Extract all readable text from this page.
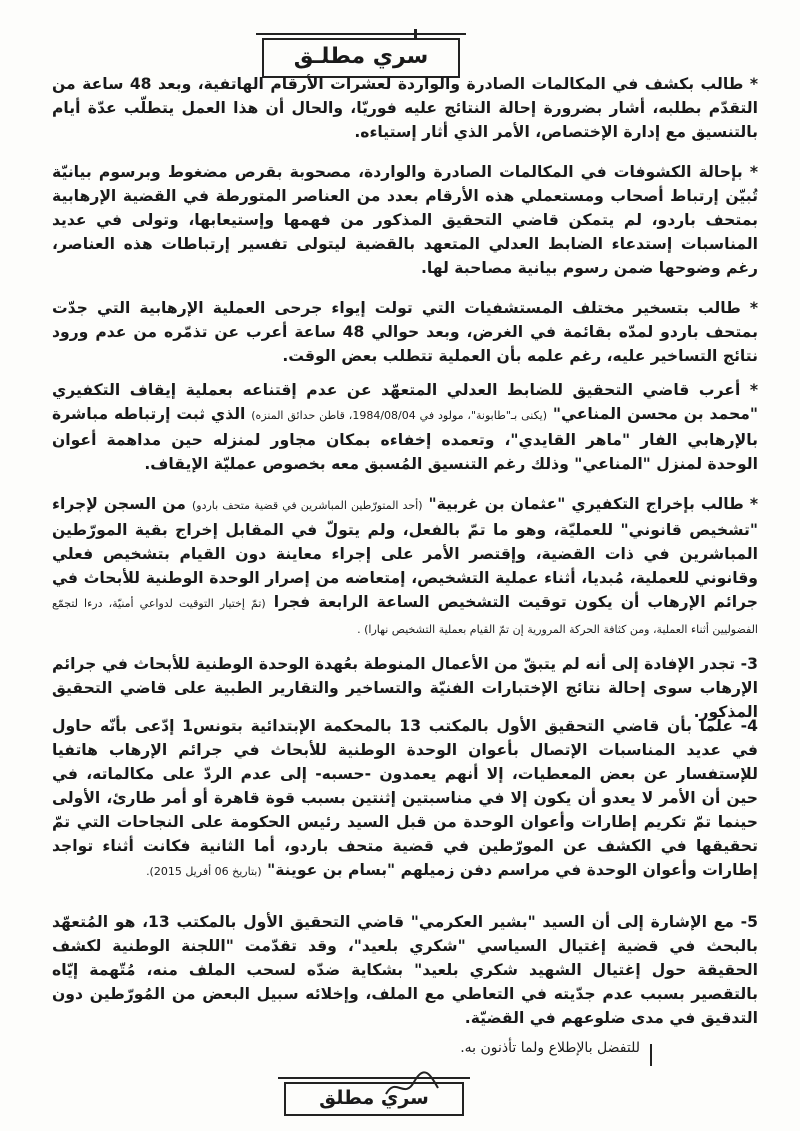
سري مطلـق

* طالب بكشف في المكالمات الصادرة والواردة لعشرات الأرقام الهاتفية، وبعد 48 ساعة من التقدّم بطلبه، أشار بضرورة إحالة النتائج عليه فوريّا، والحال أن هذا العمل يتطلّب عدّة أيام بالتنسيق مع إدارة الإختصاص، الأمر الذي أثار إستياءه.

* بإحالة الكشوفات في المكالمات الصادرة والواردة، مصحوبة بقرص مضغوط وبرسوم بيانيّة تُبيّن إرتباط أصحاب ومستعملي هذه الأرقام بعدد من العناصر المتورطة في القضية الإرهابية بمتحف باردو، لم يتمكن قاضي التحقيق المذكور من فهمها وإستيعابها، وتولى في عديد المناسبات إستدعاء الضابط العدلي المتعهد بالقضية ليتولى تفسير إرتباطات هذه العناصر، رغم وضوحها ضمن رسوم بيانية مصاحبة لها.

* طالب بتسخير مختلف المستشفيات التي تولت إيواء جرحى العملية الإرهابية التي جدّت بمتحف باردو لمدّه بقائمة في الغرض، وبعد حوالي 48 ساعة أعرب عن تذمّره من عدم ورود نتائج التساخير عليه، رغم علمه بأن العملية تتطلب بعض الوقت.

* أعرب قاضي التحقيق للضابط العدلي المتعهّد عن عدم إقتناعه بعملية إيقاف التكفيري "محمد بن محسن المناعي" (يكنى بـ"طابونة"، مولود في 1984/08/04، قاطن حدائق المنزه) الذي ثبت إرتباطه مباشرة بالإرهابي الفار "ماهر القايدي"، وتعمده إخفاءه بمكان مجاور لمنزله حين مداهمة أعوان الوحدة لمنزل "المناعي" وذلك رغم التنسيق المُسبق معه بخصوص عمليّة الإيقاف.

* طالب بإخراج التكفيري "عثمان بن غربية" (أحد المتورّطين المباشرين في قضية متحف باردو) من السجن لإجراء "تشخيص قانوني" للعمليّة، وهو ما تمّ بالفعل، ولم يتولّ في المقابل إخراج بقية المورّطين المباشرين في ذات القضية، وإقتصر الأمر على إجراء معاينة دون القيام بتشخيص فعلي وقانوني للعملية، مُبديا، أثناء عملية التشخيص، إمتعاضه من إصرار الوحدة الوطنية للأبحاث في جرائم الإرهاب أن يكون توقيت التشخيص الساعة الرابعة فجرا (تمّ إختيار التوقيت لدواعي أمنيّة، درءا لتجمّع الفضوليين أثناء العملية، ومن كثافة الحركة المرورية إن تمّ القيام بعملية التشخيص نهارا) .

3- تجدر الإفادة إلى أنه لم يتبقّ من الأعمال المنوطة بعُهدة الوحدة الوطنية للأبحاث في جرائم الإرهاب سوى إحالة نتائج الإختبارات الفنيّة والتساخير والتقارير الطبية على قاضي التحقيق المذكور.

4- علما بأن قاضي التحقيق الأول بالمكتب 13 بالمحكمة الإبتدائية بتونس1 إدّعى بأنّه حاول في عديد المناسبات الإتصال بأعوان الوحدة الوطنية للأبحاث في جرائم الإرهاب هاتفيا للإستفسار عن بعض المعطيات، إلا أنهم يعمدون -حسبه- إلى عدم الردّ على مكالماته، في حين أن الأمر لا يعدو أن يكون إلا في مناسبتين إثنتين بسبب قوة قاهرة أو أمر طارئ، الأولى حينما تمّ تكريم إطارات وأعوان الوحدة من قبل السيد رئيس الحكومة على النجاحات التي تمّ تحقيقها في الكشف عن المورّطين في قضية متحف باردو، أما الثانية فكانت أثناء تواجد إطارات وأعوان الوحدة في مراسم دفن زميلهم "بسام بن عوينة" (بتاريخ 06 أفريل 2015).

5- مع الإشارة إلى أن السيد "بشير العكرمي" قاضي التحقيق الأول بالمكتب 13، هو المُتعهّد بالبحث في قضية إغتيال السياسي "شكري بلعيد"، وقد تقدّمت "اللجنة الوطنية لكشف الحقيقة حول إغتيال الشهيد شكري بلعيد" بشكاية ضدّه لسحب الملف منه، مُتّهمة إيّاه بالتقصير بسبب عدم جدّيته في التعاطي مع الملف، وإخلائه سبيل البعض من المُورّطين دون التدقيق في مدى ضلوعهم في القضيّة.

للتفضل بالإطلاع ولما تأذنون به.
سري مطلق
